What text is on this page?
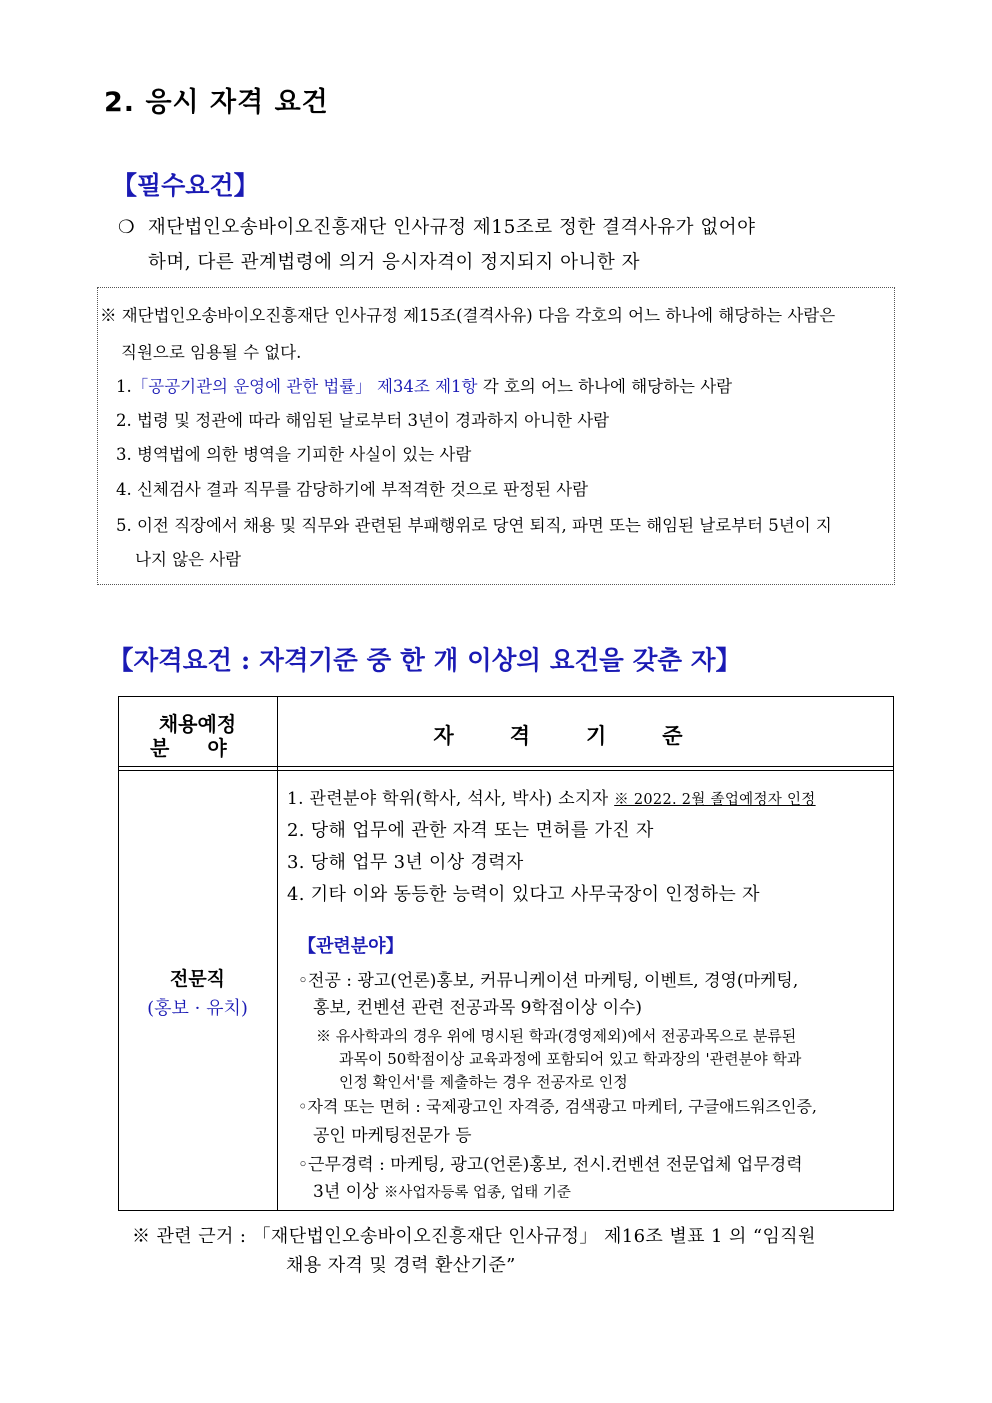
2. 응시 자격 요건
【필수요건】
❍ 재단법인오송바이오진흥재단 인사규정 제15조로 정한 결격사유가 없어야
하며, 다른 관계법령에 의거 응시자격이 정지되지 아니한 자
※ 재단법인오송바이오진흥재단 인사규정 제15조(결격사유) 다음 각호의 어느 하나에 해당하는 사람은
직원으로 임용될 수 없다.
1.「공공기관의 운영에 관한 법률」 제34조 제1항 각 호의 어느 하나에 해당하는 사람
2. 법령 및 정관에 따라 해임된 날로부터 3년이 경과하지 아니한 사람
3. 병역법에 의한 병역을 기피한 사실이 있는 사람
4. 신체검사 결과 직무를 감당하기에 부적격한 것으로 판정된 사람
5. 이전 직장에서 채용 및 직무와 관련된 부패행위로 당연 퇴직, 파면 또는 해임된 날로부터 5년이 지
나지 않은 사람
【자격요건 : 자격기준 중 한 개 이상의 요건을 갖춘 자】
채용예정
분야	자격기준
전문직
(홍보 · 유치)
1. 관련분야 학위(학사, 석사, 박사) 소지자 ※ 2022. 2월 졸업예정자 인정
2. 당해 업무에 관한 자격 또는 면허를 가진 자
3. 당해 업무 3년 이상 경력자
4. 기타 이와 동등한 능력이 있다고 사무국장이 인정하는 자
【관련분야】
◦전공 : 광고(언론)홍보, 커뮤니케이션 마케팅, 이벤트, 경영(마케팅,
홍보, 컨벤션 관련 전공과목 9학점이상 이수)
※ 유사학과의 경우 위에 명시된 학과(경영제외)에서 전공과목으로 분류된
과목이 50학점이상 교육과정에 포함되어 있고 학과장의 '관련분야 학과
인정 확인서'를 제출하는 경우 전공자로 인정
◦자격 또는 면허 : 국제광고인 자격증, 검색광고 마케터, 구글애드워즈인증,
공인 마케팅전문가 등
◦근무경력 : 마케팅, 광고(언론)홍보, 전시.컨벤션 전문업체 업무경력
3년 이상 ※사업자등록 업종, 업태 기준
※ 관련 근거 : 「재단법인오송바이오진흥재단 인사규정」 제16조 별표 1 의 “임직원
채용 자격 및 경력 환산기준”
